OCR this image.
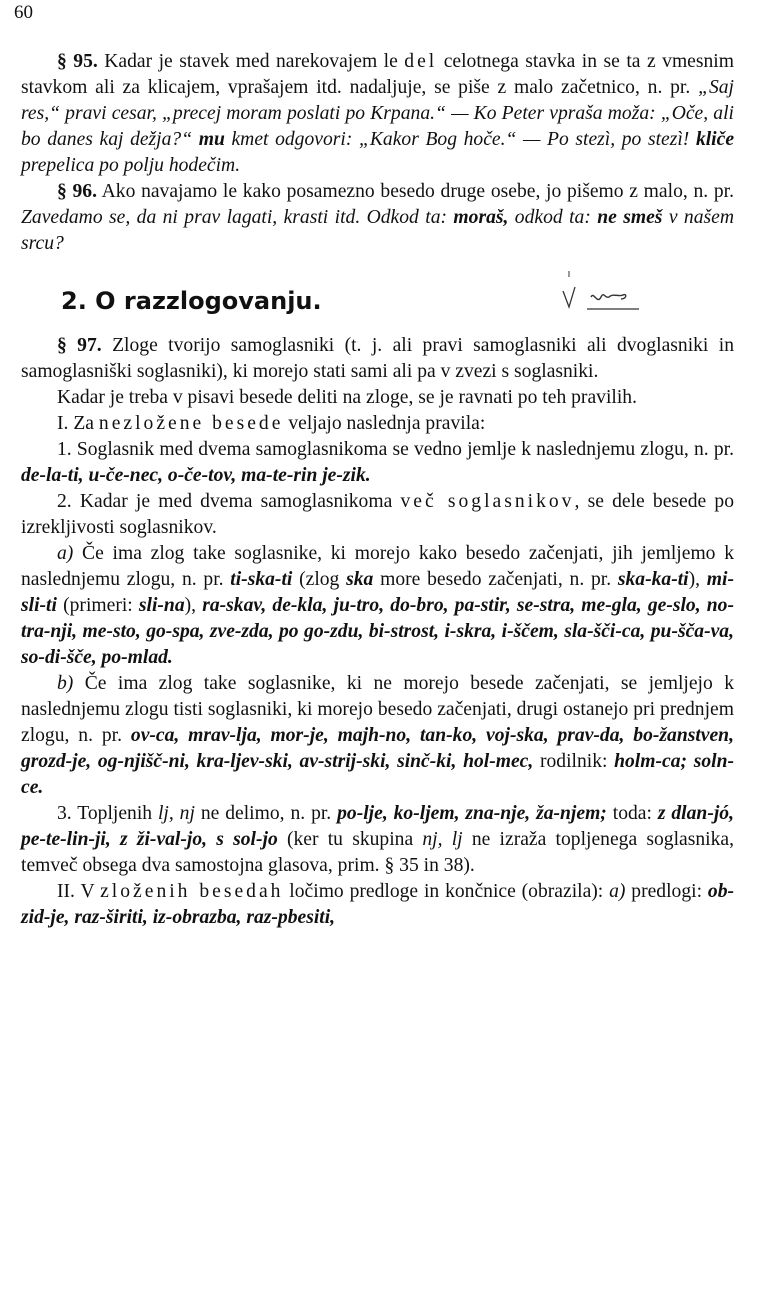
60

§ 95. Kadar je stavek med narekovajem le del celotnega stavka in se ta z vmesnim stavkom ali za klicajem, vprašajem itd. nadaljuje, se piše z malo začetnico, n. pr. „Saj res,“ pravi cesar, „precej moram poslati po Krpana.“ — Ko Peter vpraša moža: „Oče, ali bo danes kaj dežja?“ mu kmet odgovori: „Kakor Bog hoče.“ — Po stezì, po stezì! kliče prepelica po polju hodečim.

§ 96. Ako navajamo le kako posamezno besedo druge osebe, jo pišemo z malo, n. pr. Zavedamo se, da ni prav lagati, krasti itd. Odkod ta: moraš, odkod ta: ne smeš v našem srcu?

2. O razzlogovanju.

§ 97. Zloge tvorijo samoglasniki (t. j. ali pravi samoglasniki ali dvoglasniki in samoglasniški soglasniki), ki morejo stati sami ali pa v zvezi s soglasniki.

Kadar je treba v pisavi besede deliti na zloge, se je ravnati po teh pravilih.

I. Za nezložene besede veljajo naslednja pravila:

1. Soglasnik med dvema samoglasnikoma se vedno jemlje k naslednjemu zlogu, n. pr. de-la-ti, u-če-nec, o-če-tov, ma-te-rin je-zik.

2. Kadar je med dvema samoglasnikoma več soglasnikov, se dele besede po izrekljivosti soglasnikov.

a) Če ima zlog take soglasnike, ki morejo kako besedo začenjati, jih jemljemo k naslednjemu zlogu, n. pr. ti-ska-ti (zlog ska more besedo začenjati, n. pr. ska-ka-ti), mi-sli-ti (primeri: sli-na), ra-skav, de-kla, ju-tro, do-bro, pa-stir, se-stra, me-gla, ge-slo, no-tra-nji, me-sto, go-spa, zve-zda, po go-zdu, bi-strost, i-skra, i-ščem, sla-šči-ca, pu-šča-va, so-di-šče, po-mlad.

b) Če ima zlog take soglasnike, ki ne morejo besede začenjati, se jemljejo k naslednjemu zlogu tisti soglasniki, ki morejo besedo začenjati, drugi ostanejo pri prednjem zlogu, n. pr. ov-ca, mrav-lja, mor-je, majh-no, tan-ko, voj-ska, prav-da, bo-žanstven, grozd-je, og-njišč-ni, kra-ljev-ski, av-strij-ski, sinč-ki, hol-mec, rodilnik: holm-ca; soln-ce.

3. Topljenih lj, nj ne delimo, n. pr. po-lje, ko-ljem, zna-nje, ža-njem; toda: z dlan-jó, pe-te-lin-ji, z ži-val-jo, s sol-jo (ker tu skupina nj, lj ne izraža topljenega soglasnika, temveč obsega dva samostojna glasova, prim. § 35 in 38).

II. V zloženih besedah ločimo predloge in končnice (obrazila): a) predlogi: ob-zid-je, raz-širiti, iz-obrazba, raz-pbesiti,
